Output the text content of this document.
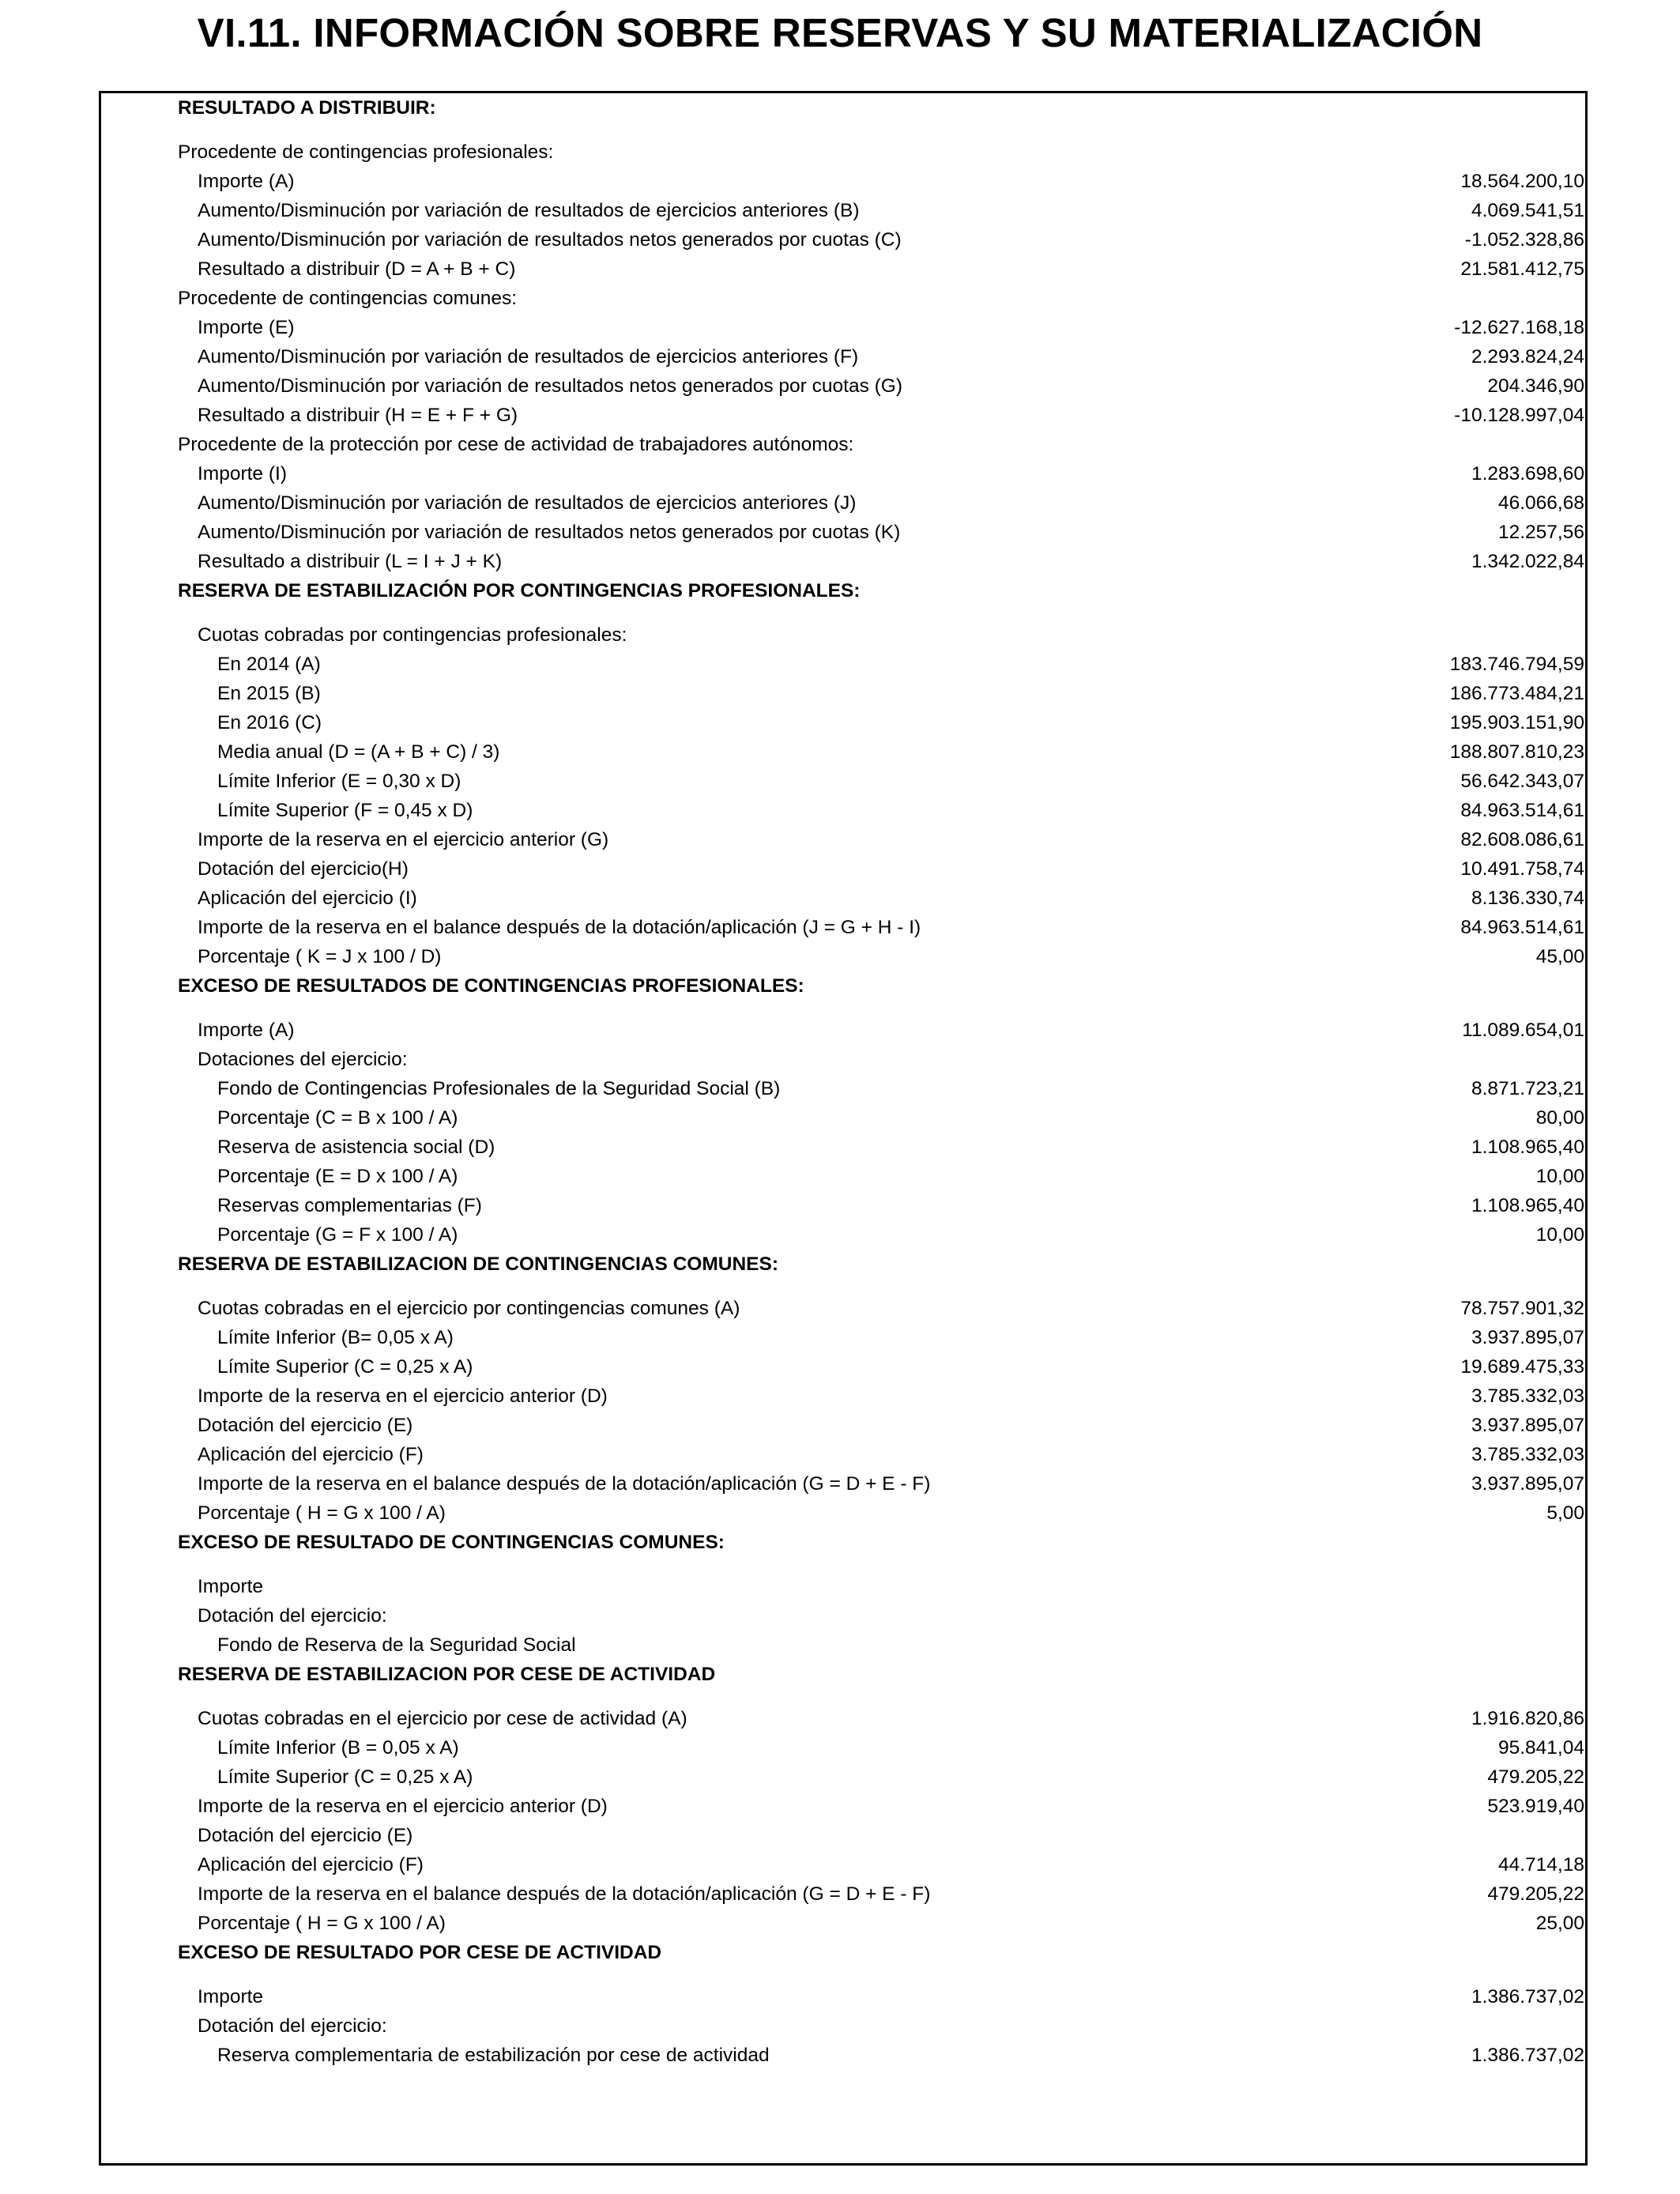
VI.11. INFORMACIÓN SOBRE RESERVAS Y SU MATERIALIZACIÓN
RESULTADO A DISTRIBUIR:
Procedente de contingencias profesionales:
Importe (A)	18.564.200,10
Aumento/Disminución por variación de resultados de ejercicios anteriores (B)	4.069.541,51
Aumento/Disminución por variación de resultados netos generados por cuotas (C)	-1.052.328,86
Resultado a distribuir (D = A + B + C)	21.581.412,75
Procedente de contingencias comunes:
Importe (E)	-12.627.168,18
Aumento/Disminución por variación de resultados de ejercicios anteriores (F)	2.293.824,24
Aumento/Disminución por variación de resultados netos generados por cuotas (G)	204.346,90
Resultado a distribuir (H = E + F + G)	-10.128.997,04
Procedente de la protección por cese de actividad de trabajadores autónomos:
Importe (I)	1.283.698,60
Aumento/Disminución por variación de resultados de ejercicios anteriores (J)	46.066,68
Aumento/Disminución por variación de resultados netos generados por cuotas (K)	12.257,56
Resultado a distribuir (L = I + J + K)	1.342.022,84
RESERVA DE ESTABILIZACIÓN POR CONTINGENCIAS PROFESIONALES:
Cuotas cobradas por contingencias profesionales:
En 2014 (A)	183.746.794,59
En 2015 (B)	186.773.484,21
En 2016 (C)	195.903.151,90
Media anual (D = (A + B + C) / 3)	188.807.810,23
Límite Inferior (E = 0,30 x D)	56.642.343,07
Límite Superior (F = 0,45 x D)	84.963.514,61
Importe de la reserva en el ejercicio anterior (G)	82.608.086,61
Dotación del ejercicio(H)	10.491.758,74
Aplicación del ejercicio (I)	8.136.330,74
Importe de la reserva en el balance después de la dotación/aplicación (J = G + H - I)	84.963.514,61
Porcentaje ( K = J x 100 / D)	45,00
EXCESO DE RESULTADOS DE CONTINGENCIAS PROFESIONALES:
Importe (A)	11.089.654,01
Dotaciones del ejercicio:
Fondo de Contingencias Profesionales de la Seguridad Social (B)	8.871.723,21
Porcentaje (C = B x 100 / A)	80,00
Reserva de asistencia social (D)	1.108.965,40
Porcentaje (E = D x 100 / A)	10,00
Reservas complementarias (F)	1.108.965,40
Porcentaje (G = F x 100 / A)	10,00
RESERVA DE ESTABILIZACION DE CONTINGENCIAS COMUNES:
Cuotas cobradas en el ejercicio por contingencias comunes (A)	78.757.901,32
Límite Inferior (B= 0,05 x A)	3.937.895,07
Límite Superior (C = 0,25 x A)	19.689.475,33
Importe de la reserva en el ejercicio anterior (D)	3.785.332,03
Dotación del ejercicio (E)	3.937.895,07
Aplicación del ejercicio (F)	3.785.332,03
Importe de la reserva en el balance después de la dotación/aplicación (G = D + E - F)	3.937.895,07
Porcentaje ( H = G x 100 / A)	5,00
EXCESO DE RESULTADO DE CONTINGENCIAS COMUNES:
Importe
Dotación del ejercicio:
Fondo de Reserva de la Seguridad Social
RESERVA DE ESTABILIZACION POR CESE DE ACTIVIDAD
Cuotas cobradas en el ejercicio por cese de actividad (A)	1.916.820,86
Límite Inferior (B = 0,05 x A)	95.841,04
Límite Superior (C = 0,25 x A)	479.205,22
Importe de la reserva en el ejercicio anterior (D)	523.919,40
Dotación del ejercicio (E)
Aplicación del ejercicio (F)	44.714,18
Importe de la reserva en el balance después de la dotación/aplicación (G = D + E - F)	479.205,22
Porcentaje ( H = G x 100 / A)	25,00
EXCESO DE RESULTADO POR CESE DE ACTIVIDAD
Importe	1.386.737,02
Dotación del ejercicio:
Reserva complementaria de estabilización por cese de actividad	1.386.737,02
